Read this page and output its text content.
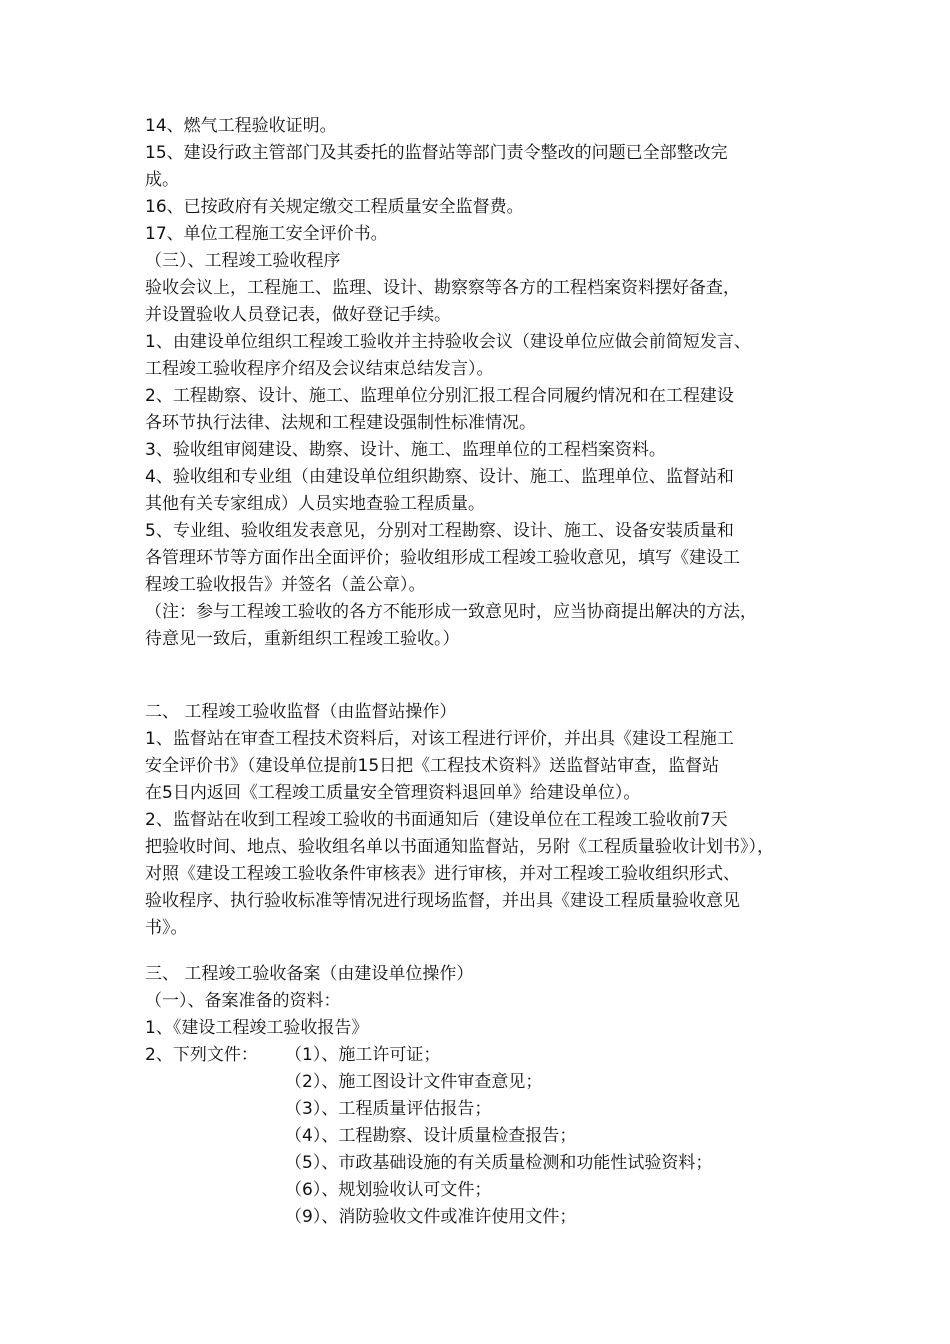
14、燃气工程验收证明。
15、建设行政主管部门及其委托的监督站等部门责令整改的问题已全部整改完
成。
16、已按政府有关规定缴交工程质量安全监督费。
17、单位工程施工安全评价书。
（三）、工程竣工验收程序
验收会议上，工程施工、监理、设计、勘察察等各方的工程档案资料摆好备查，
并设置验收人员登记表，做好登记手续。
1、由建设单位组织工程竣工验收并主持验收会议（建设单位应做会前简短发言、
工程竣工验收程序介绍及会议结束总结发言）。
2、工程勘察、设计、施工、监理单位分别汇报工程合同履约情况和在工程建设
各环节执行法律、法规和工程建设强制性标准情况。
3、验收组审阅建设、勘察、设计、施工、监理单位的工程档案资料。
4、验收组和专业组（由建设单位组织勘察、设计、施工、监理单位、监督站和
其他有关专家组成）人员实地查验工程质量。
5、专业组、验收组发表意见，分别对工程勘察、设计、施工、设备安装质量和
各管理环节等方面作出全面评价；验收组形成工程竣工验收意见，填写《建设工
程竣工验收报告》并签名（盖公章）。
（注：参与工程竣工验收的各方不能形成一致意见时，应当协商提出解决的方法，
待意见一致后，重新组织工程竣工验收。）
二、 工程竣工验收监督（由监督站操作）
1、监督站在审查工程技术资料后，对该工程进行评价，并出具《建设工程施工
安全评价书》（建设单位提前15日把《工程技术资料》送监督站审查，监督站
在5日内返回《工程竣工质量安全管理资料退回单》给建设单位）。
2、监督站在收到工程竣工验收的书面通知后（建设单位在工程竣工验收前7天
把验收时间、地点、验收组名单以书面通知监督站，另附《工程质量验收计划书》），
对照《建设工程竣工验收条件审核表》进行审核，并对工程竣工验收组织形式、
验收程序、执行验收标准等情况进行现场监督，并出具《建设工程质量验收意见
书》。
三、 工程竣工验收备案（由建设单位操作）
（一）、备案准备的资料：
1、《建设工程竣工验收报告》
2、下列文件：	（1）、施工许可证；
（2）、施工图设计文件审查意见；
（3）、工程质量评估报告；
（4）、工程勘察、设计质量检查报告；
（5）、市政基础设施的有关质量检测和功能性试验资料；
（6）、规划验收认可文件；
（9）、消防验收文件或准许使用文件；
